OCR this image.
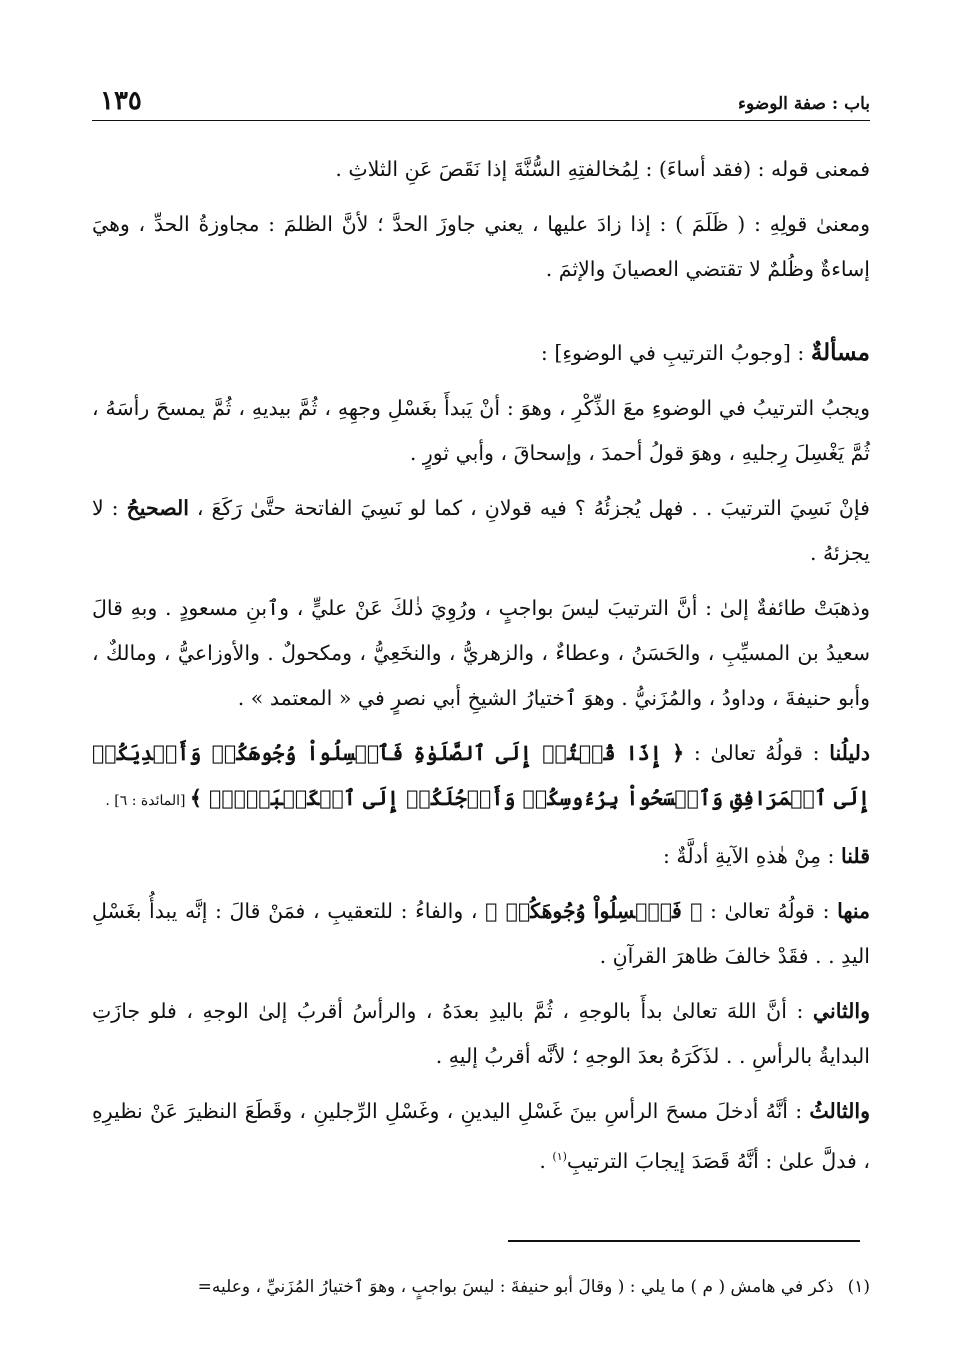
باب : صفة الوضوء
١٣٥

فمعنى قوله : (فقد أساءَ) : لِمُخالفتِهِ السُّنَّةَ إذا نَقَصَ عَنِ الثلاثِ .

ومعنىٰ قولِهِ : ( ظَلَمَ ) : إذا زادَ عليها ، يعني جاوزَ الحدَّ ؛ لأنَّ الظلمَ : مجاوزةُ الحدِّ ، وهيَ إساءةٌ وظُلمٌ لا تقتضي العصيانَ والإثمَ .

مسألةٌ : [وجوبُ الترتيبِ في الوضوءِ] :

ويجبُ الترتيبُ في الوضوءِ معَ الذِّكْرِ ، وهوَ : أنْ يَبدأَ بغَسْلِ وجهِهِ ، ثُمَّ بيديهِ ، ثُمَّ يمسحَ رأسَهُ ، ثُمَّ يَغْسِلَ رِجليهِ ، وهوَ قولُ أحمدَ ، وإسحاقَ ، وأبي ثورٍ .

فإنْ نَسِيَ الترتيبَ . . فهل يُجزئُهُ ؟ فيه قولانِ ، كما لو نَسِيَ الفاتحة حتَّىٰ رَكَعَ ، الصحيحُ : لا يجزئهُ .

وذهبَتْ طائفةٌ إلىٰ : أنَّ الترتيبَ ليسَ بواجبٍ ، ورُوِيَ ذٰلكَ عَنْ عليٍّ ، وٱبنِ مسعودٍ . وبهِ قالَ سعيدُ بن المسيِّبِ ، والحَسَنُ ، وعطاءٌ ، والزهريُّ ، والنخَعِيُّ ، ومكحولٌ . والأوزاعيُّ ، ومالكٌ ، وأبو حنيفةَ ، وداودُ ، والمُزَنيُّ . وهوَ ٱختيارُ الشيخِ أبي نصرٍ في « المعتمد » .

دليلُنا : قولُهُ تعالىٰ : ﴿ إِذَا قُمۡتُمۡ إِلَى ٱلصَّلَوٰةِ فَٱغۡسِلُواْ وُجُوهَكُمۡ وَأَيۡدِيَكُمۡ إِلَى ٱلۡمَرَافِقِ وَٱمۡسَحُواْ بِرُءُوسِكُمۡ وَأَرۡجُلَكُمۡ إِلَى ٱلۡكَعۡبَيۡنِۚ ﴾ [المائدة : ٦] .

قلنا : مِنْ هٰذهِ الآيةِ أدلَّةٌ :

منها : قولُهُ تعالىٰ : ﴿ فَٱغۡسِلُواْ وُجُوهَكُمۡ ﴾ ، والفاءُ : للتعقيبِ ، فمَنْ قالَ : إنَّه يبدأُ بغَسْلِ اليدِ . . فقَدْ خالفَ ظاهرَ القرآنِ .

والثاني : أنَّ اللهَ تعالىٰ بدأَ بالوجهِ ، ثُمَّ باليدِ بعدَهُ ، والرأسُ أقربُ إلىٰ الوجهِ ، فلو جازَتِ البدايةُ بالرأسِ . . لذَكَرَهُ بعدَ الوجهِ ؛ لأنَّه أقربُ إليهِ .

والثالثُ : أنَّهُ أدخلَ مسحَ الرأسِ بينَ غَسْلِ اليدينِ ، وغَسْلِ الرِّجلينِ ، وقَطَعَ النظيرَ عَنْ نظيرِهِ ، فدلَّ علىٰ : أنَّهُ قَصَدَ إيجابَ الترتيبِ$^{(١)}$ .

(١)ذكر في هامش ( م ) ما يلي : ( وقالَ أبو حنيفةَ : ليسَ بواجبٍ ، وهوَ ٱختيارُ المُزَنيِّ ، وعليه=
